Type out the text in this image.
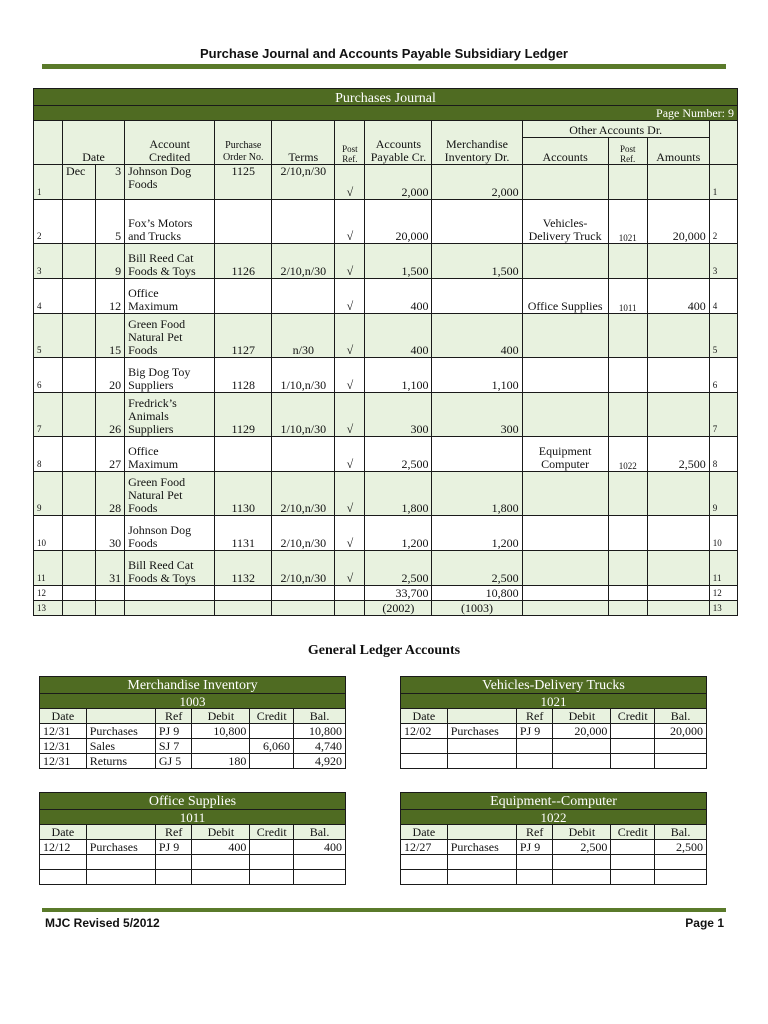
Purchase Journal and Accounts Payable Subsidiary Ledger
Purchases Journal												
Page Number: 9												
	Date		Account Credited	Purchase Order No.	Terms	Post Ref.	Accounts Payable Cr.	Merchandise Inventory Dr.	Other Accounts Dr.			
									Accounts	Post Ref.	Amounts	
1	Dec	3	Johnson Dog Foods	1125	2/10,n/30	√	2,000	2,000				1
2		5	Fox’s Motors and Trucks			√	20,000		Vehicles-Delivery Truck	1021	20,000	2
3		9	Bill Reed Cat Foods & Toys	1126	2/10,n/30	√	1,500	1,500				3
4		12	Office Maximum			√	400		Office Supplies	1011	400	4
5		15	Green Food Natural Pet Foods	1127	n/30	√	400	400				5
6		20	Big Dog Toy Suppliers	1128	1/10,n/30	√	1,100	1,100				6
7		26	Fredrick’s Animals Suppliers	1129	1/10,n/30	√	300	300				7
8		27	Office Maximum			√	2,500		Equipment Computer	1022	2,500	8
9		28	Green Food Natural Pet Foods	1130	2/10,n/30	√	1,800	1,800				9
10		30	Johnson Dog Foods	1131	2/10,n/30	√	1,200	1,200				10
11		31	Bill Reed Cat Foods & Toys	1132	2/10,n/30	√	2,500	2,500				11
12							33,700	10,800				12
13							(2002)	(1003)				13
General Ledger Accounts
Merchandise Inventory					
1003					
Date		Ref	Debit	Credit	Bal.
12/31	Purchases	PJ 9	10,800		10,800
12/31	Sales	SJ 7		6,060	4,740
12/31	Returns	GJ 5	180		4,920
Vehicles-Delivery Trucks					
1021					
Date		Ref	Debit	Credit	Bal.
12/02	Purchases	PJ 9	20,000		20,000

Office Supplies					
1011					
Date		Ref	Debit	Credit	Bal.
12/12	Purchases	PJ 9	400		400

Equipment--Computer					
1022					
Date		Ref	Debit	Credit	Bal.
12/27	Purchases	PJ 9	2,500		2,500

MJC Revised 5/2012	Page 1
